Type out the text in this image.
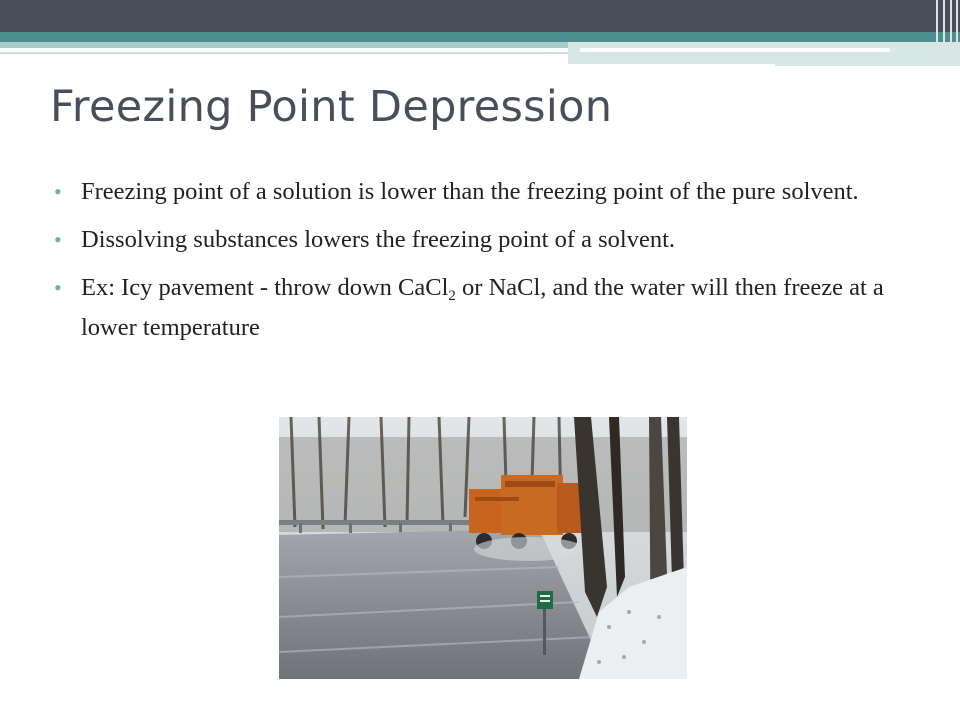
Freezing Point Depression
• Freezing point of a solution is lower than the freezing point of the pure solvent.
• Dissolving substances lowers the freezing point of a solvent.
• Ex: Icy pavement - throw down CaCl$_2$ or NaCl, and the water will then freeze at a lower temperature
